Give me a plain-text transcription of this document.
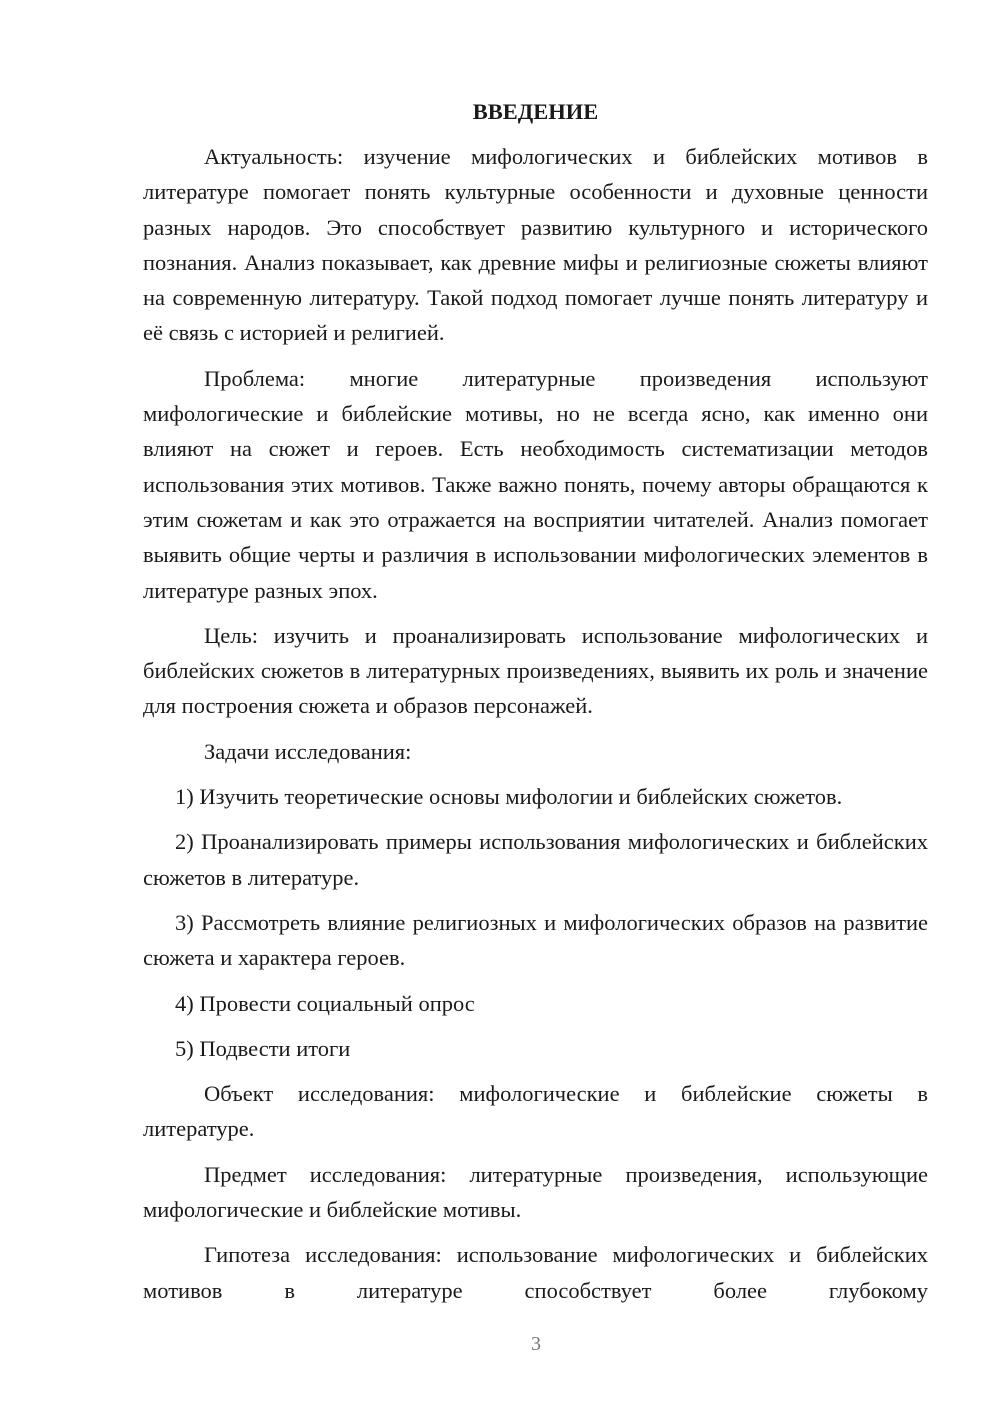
ВВЕДЕНИЕ

Актуальность: изучение мифологических и библейских мотивов в литературе помогает понять культурные особенности и духовные ценности разных народов. Это способствует развитию культурного и исторического познания. Анализ показывает, как древние мифы и религиозные сюжеты влияют на современную литературу. Такой подход помогает лучше понять литературу и её связь с историей и религией.

Проблема: многие литературные произведения используют мифологические и библейские мотивы, но не всегда ясно, как именно они влияют на сюжет и героев. Есть необходимость систематизации методов использования этих мотивов. Также важно понять, почему авторы обращаются к этим сюжетам и как это отражается на восприятии читателей. Анализ помогает выявить общие черты и различия в использовании мифологических элементов в литературе разных эпох.

Цель: изучить и проанализировать использование мифологических и библейских сюжетов в литературных произведениях, выявить их роль и значение для построения сюжета и образов персонажей.

Задачи исследования:

1) Изучить теоретические основы мифологии и библейских сюжетов.

2) Проанализировать примеры использования мифологических и библейских сюжетов в литературе.

3) Рассмотреть влияние религиозных и мифологических образов на развитие сюжета и характера героев.

4) Провести социальный опрос

5) Подвести итоги

Объект исследования: мифологические и библейские сюжеты в литературе.

Предмет исследования: литературные произведения, использующие мифологические и библейские мотивы.

Гипотеза исследования: использование мифологических и библейских мотивов в литературе способствует более глубокому

3
